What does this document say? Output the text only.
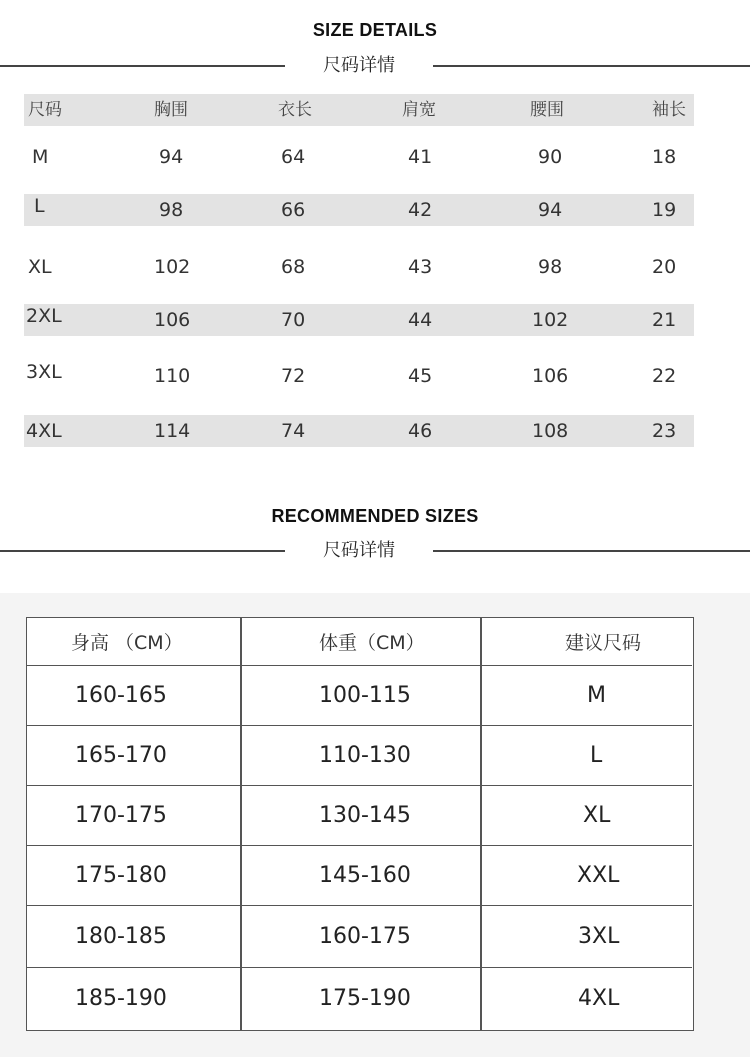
SIZE DETAILS
尺码详情
尺码	胸围	衣长	肩宽	腰围	袖长
M	94	64	41	90	18
L	98	66	42	94	19
XL	102	68	43	98	20
2XL	106	70	44	102	21
3XL	110	72	45	106	22
4XL	114	74	46	108	23
RECOMMENDED SIZES
尺码详情
身高 （CM）	体重（CM）	建议尺码
160-165	100-115	M
165-170	110-130	L
170-175	130-145	XL
175-180	145-160	XXL
180-185	160-175	3XL
185-190	175-190	4XL
